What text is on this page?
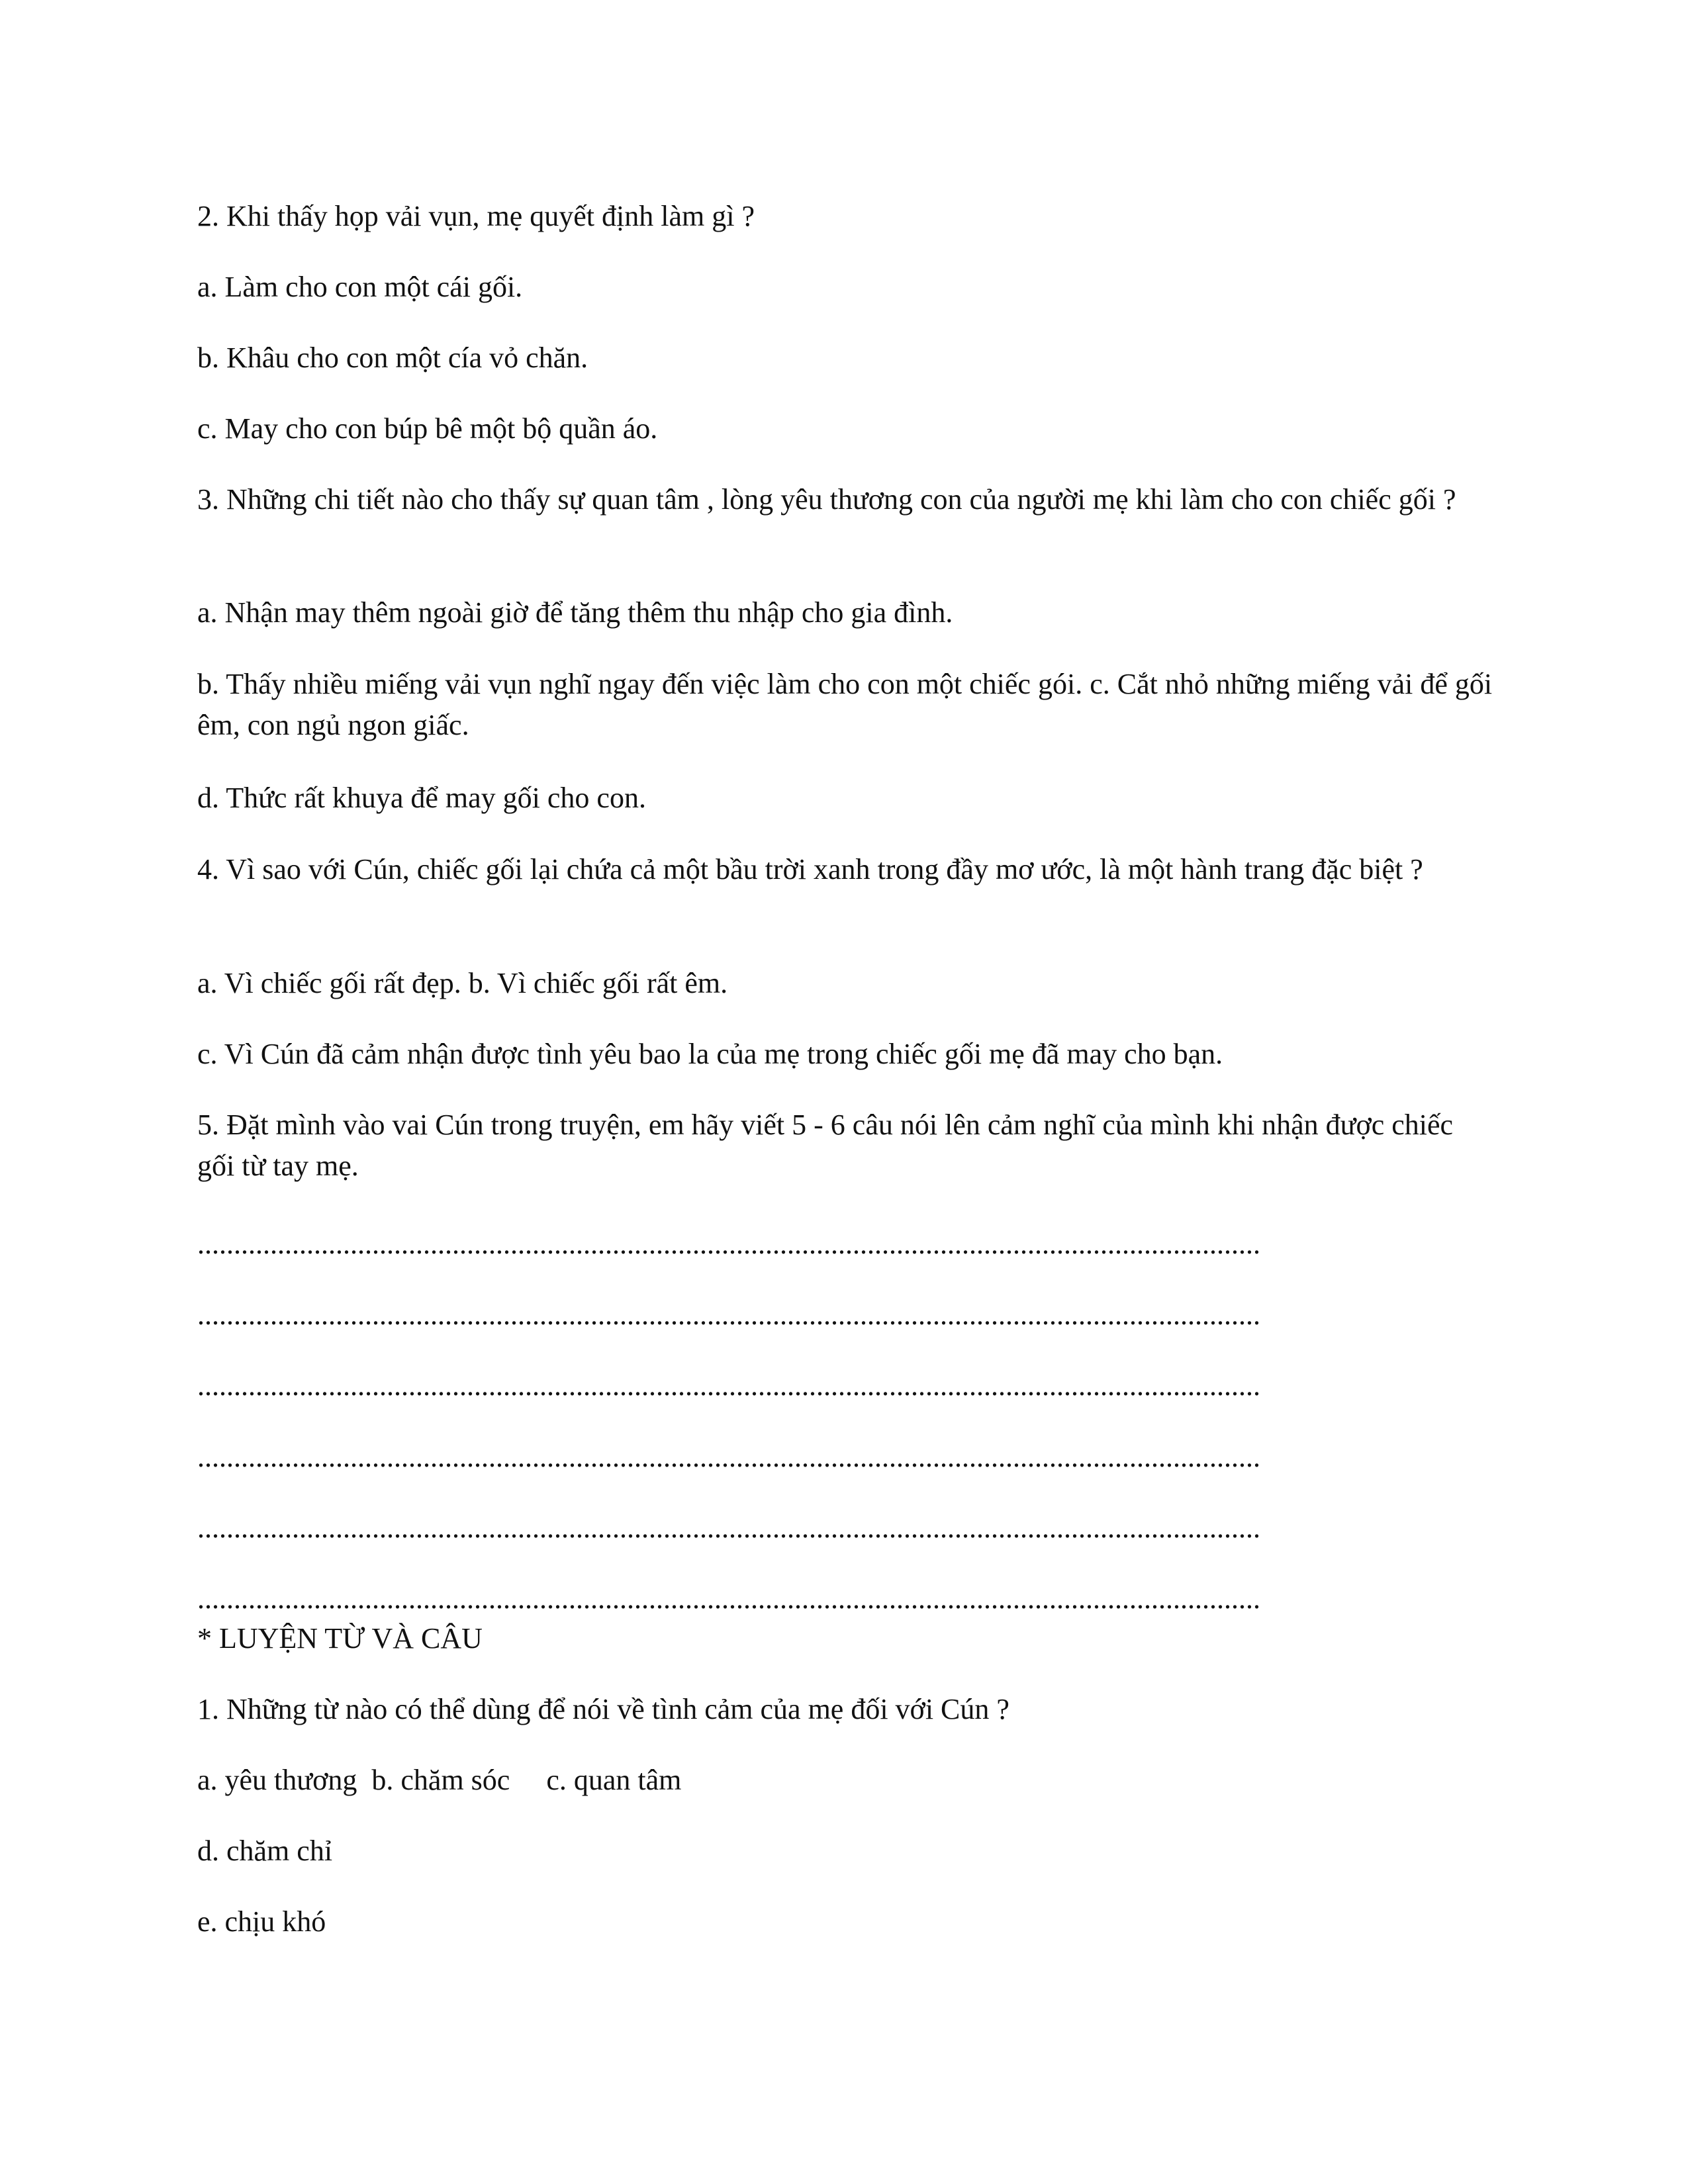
2. Khi thấy họp vải vụn, mẹ quyết định làm gì ?
a. Làm cho con một cái gối.
b. Khâu cho con một cía vỏ chăn.
c. May cho con búp bê một bộ quần áo.
3. Những chi tiết nào cho thấy sự quan tâm , lòng yêu thương con của người mẹ khi làm cho con chiếc gối ?
a. Nhận may thêm ngoài giờ để tăng thêm thu nhập cho gia đình.
b. Thấy nhiều miếng vải vụn nghĩ ngay đến việc làm cho con một chiếc gói. c. Cắt nhỏ những miếng vải để gối êm, con ngủ ngon giấc.
d. Thức rất khuya để may gối cho con.
4. Vì sao với Cún, chiếc gối lại chứa cả một bầu trời xanh trong đầy mơ ước, là một hành trang đặc biệt ?
a. Vì chiếc gối rất đẹp. b. Vì chiếc gối rất êm.
c. Vì Cún đã cảm nhận được tình yêu bao la của mẹ trong chiếc gối mẹ đã may cho bạn.
5. Đặt mình vào vai Cún trong truyện, em hãy viết 5 - 6 câu nói lên cảm nghĩ của mình khi nhận được chiếc gối từ tay mẹ.
..................................................................................................................................................
..................................................................................................................................................
..................................................................................................................................................
..................................................................................................................................................
..................................................................................................................................................
..................................................................................................................................................
* LUYỆN TỪ VÀ CÂU
1. Những từ nào có thể dùng để nói về tình cảm của mẹ đối với Cún ?
a. yêu thương  b. chăm sóc     c. quan tâm
d. chăm chỉ
e. chịu khó
